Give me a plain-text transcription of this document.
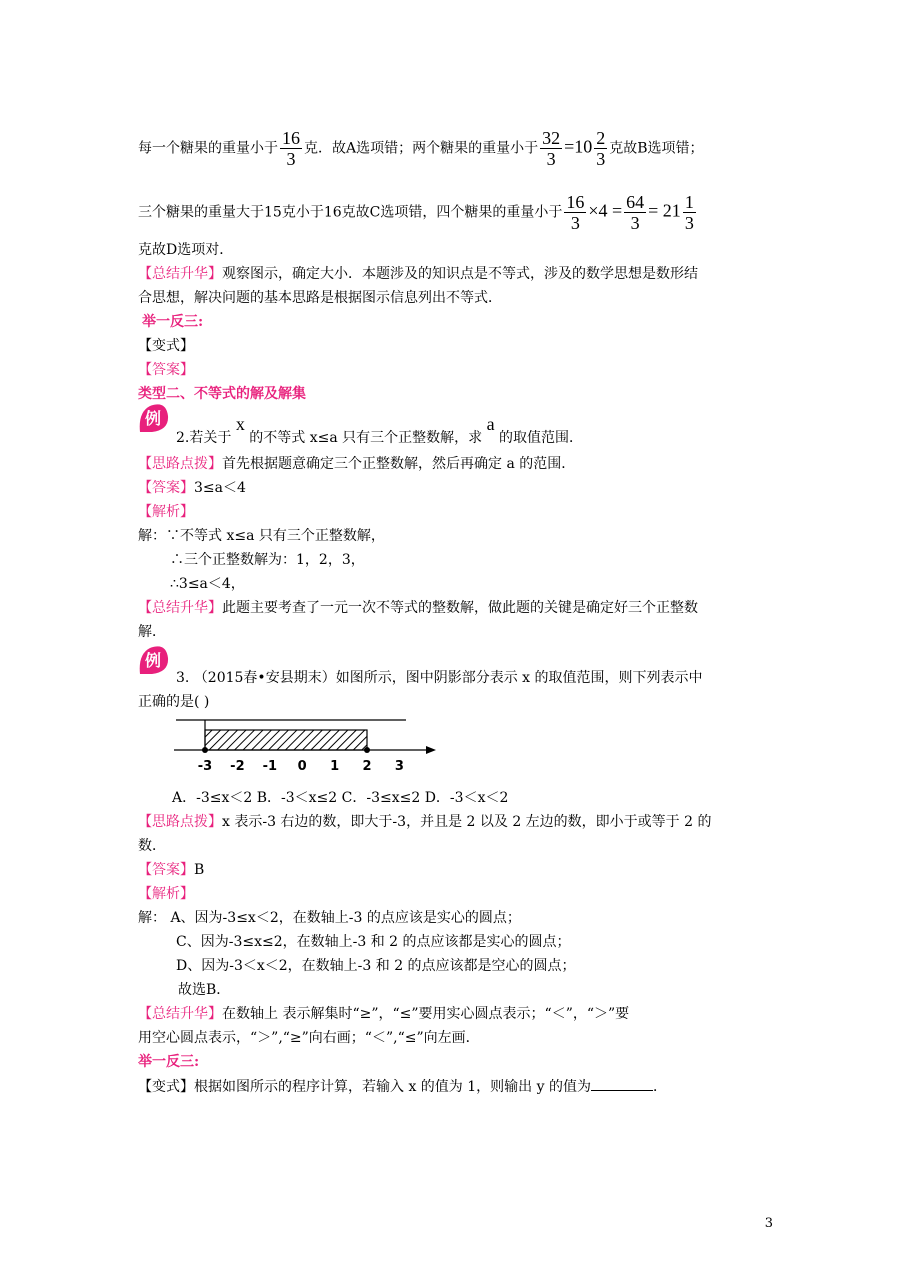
每一个糖果的重量小于 $\frac{16}{3}$ 克．故A选项错；两个糖果的重量小于 $\frac{32}{3} =10 \frac{2}{3}$ 克故B选项错；
三个糖果的重量大于15克小于16克故C选项错，四个糖果的重量小于 $\frac{16}{3} \times 4 = \frac{64}{3} = 21 \frac{1}{3}$
克故D选项对．
【总结升华】观察图示，确定大小．本题涉及的知识点是不等式，涉及的数学思想是数形结
合思想，解决问题的基本思路是根据图示信息列出不等式．
举一反三:
【变式】
【答案】
类型二、不等式的解及解集
例
2.若关于 x 的不等式 x≤a 只有三个正整数解，求 a 的取值范围．
【思路点拨】首先根据题意确定三个正整数解，然后再确定 a 的范围．
【答案】3≤a＜4
【解析】
解：∵不等式 x≤a 只有三个正整数解，
∴三个正整数解为：1，2，3，
∴3≤a＜4，
【总结升华】此题主要考查了一元一次不等式的整数解，做此题的关键是确定好三个正整数
解．
例
3. （2015春•安县期末）如图所示，图中阴影部分表示 x 的取值范围，则下列表示中
正确的是( )
-3 -2 -1 0 1 2 3
A．-3≤x＜2 B．-3＜x≤2 C．-3≤x≤2 D．-3＜x＜2
【思路点拨】x 表示-3 右边的数，即大于-3，并且是 2 以及 2 左边的数，即小于或等于 2 的
数．
【答案】B
【解析】
解： A、因为-3≤x＜2，在数轴上-3 的点应该是实心的圆点；
C、因为-3≤x≤2，在数轴上-3 和 2 的点应该都是实心的圆点；
D、因为-3＜x＜2，在数轴上-3 和 2 的点应该都是空心的圆点；
故选B．
【总结升华】在数轴上 表示解集时“≥”，“≤”要用实心圆点表示；“＜”，“＞”要
用空心圆点表示，“＞”,“≥”向右画；“＜”,“≤”向左画．
举一反三:
【变式】根据如图所示的程序计算，若输入 x 的值为 1，则输出 y 的值为	．
3
